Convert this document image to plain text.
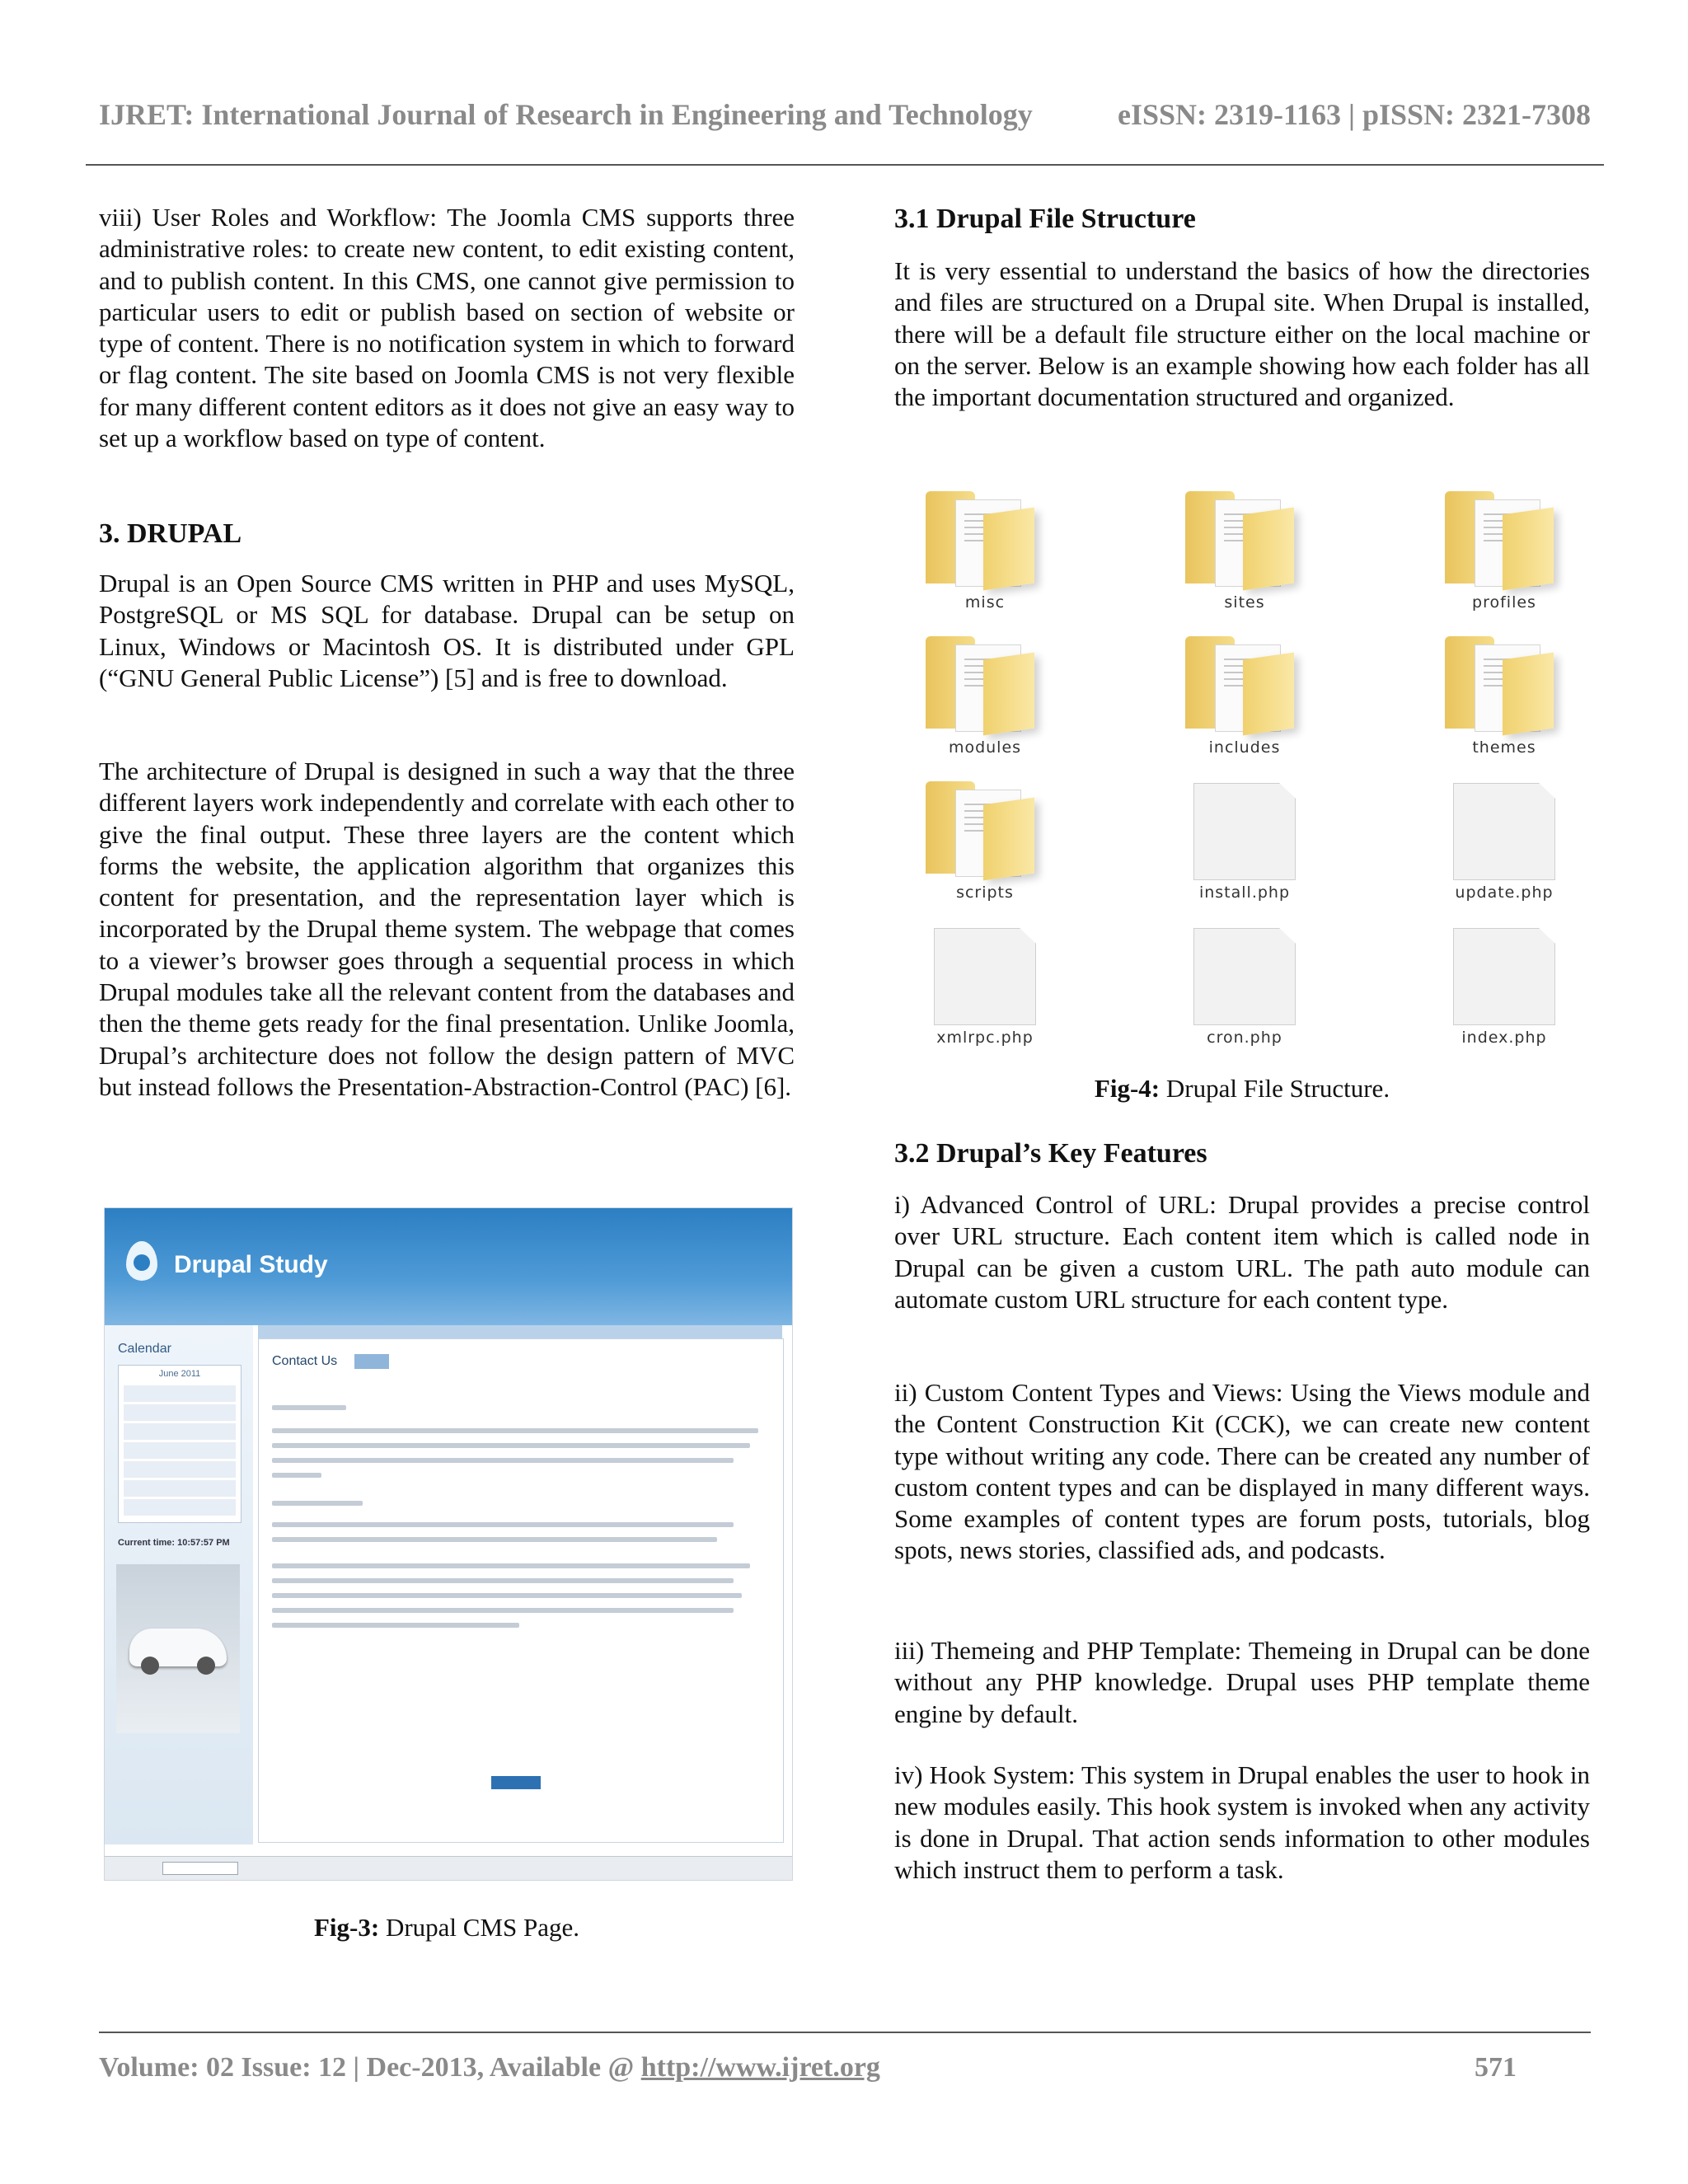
IJRET: International Journal of Research in Engineering and Technology	eISSN: 2319-1163 | pISSN: 2321-7308

viii) User Roles and Workflow: The Joomla CMS supports three administrative roles: to create new content, to edit existing content, and to publish content. In this CMS, one cannot give permission to particular users to edit or publish based on section of website or type of content. There is no notification system in which to forward or flag content. The site based on Joomla CMS is not very flexible for many different content editors as it does not give an easy way to set up a workflow based on type of content.

3. DRUPAL

Drupal is an Open Source CMS written in PHP and uses MySQL, PostgreSQL or MS SQL for database. Drupal can be setup on Linux, Windows or Macintosh OS. It is distributed under GPL (“GNU General Public License”) [5] and is free to download.

The architecture of Drupal is designed in such a way that the three different layers work independently and correlate with each other to give the final output. These three layers are the content which forms the website, the application algorithm that organizes this content for presentation, and the representation layer which is incorporated by the Drupal theme system. The webpage that comes to a viewer’s browser goes through a sequential process in which Drupal modules take all the relevant content from the databases and then the theme gets ready for the final presentation. Unlike Joomla, Drupal’s architecture does not follow the design pattern of MVC but instead follows the Presentation-Abstraction-Control (PAC) [6].

Drupal Study
Calendar
June 2011
Current time: 10:57:57 PM
Contact Us
Fig-3: Drupal CMS Page.
3.1 Drupal File Structure

It is very essential to understand the basics of how the directories and files are structured on a Drupal site. When Drupal is installed, there will be a default file structure either on the local machine or on the server. Below is an example showing how each folder has all the important documentation structured and organized.

misc	sites	profiles
modules	includes	themes
scripts	install.php	update.php
xmlrpc.php	cron.php	index.php
Fig-4: Drupal File Structure.
3.2 Drupal’s Key Features

i) Advanced Control of URL: Drupal provides a precise control over URL structure. Each content item which is called node in Drupal can be given a custom URL. The path auto module can automate custom URL structure for each content type.

ii) Custom Content Types and Views: Using the Views module and the Content Construction Kit (CCK), we can create new content type without writing any code. There can be created any number of custom content types and can be displayed in many different ways. Some examples of content types are forum posts, tutorials, blog spots, news stories, classified ads, and podcasts.

iii) Themeing and PHP Template: Themeing in Drupal can be done without any PHP knowledge. Drupal uses PHP template theme engine by default.

iv) Hook System: This system in Drupal enables the user to hook in new modules easily. This hook system is invoked when any activity is done in Drupal. That action sends information to other modules which instruct them to perform a task.

Volume: 02 Issue: 12 | Dec-2013, Available @ http://www.ijret.org	571
